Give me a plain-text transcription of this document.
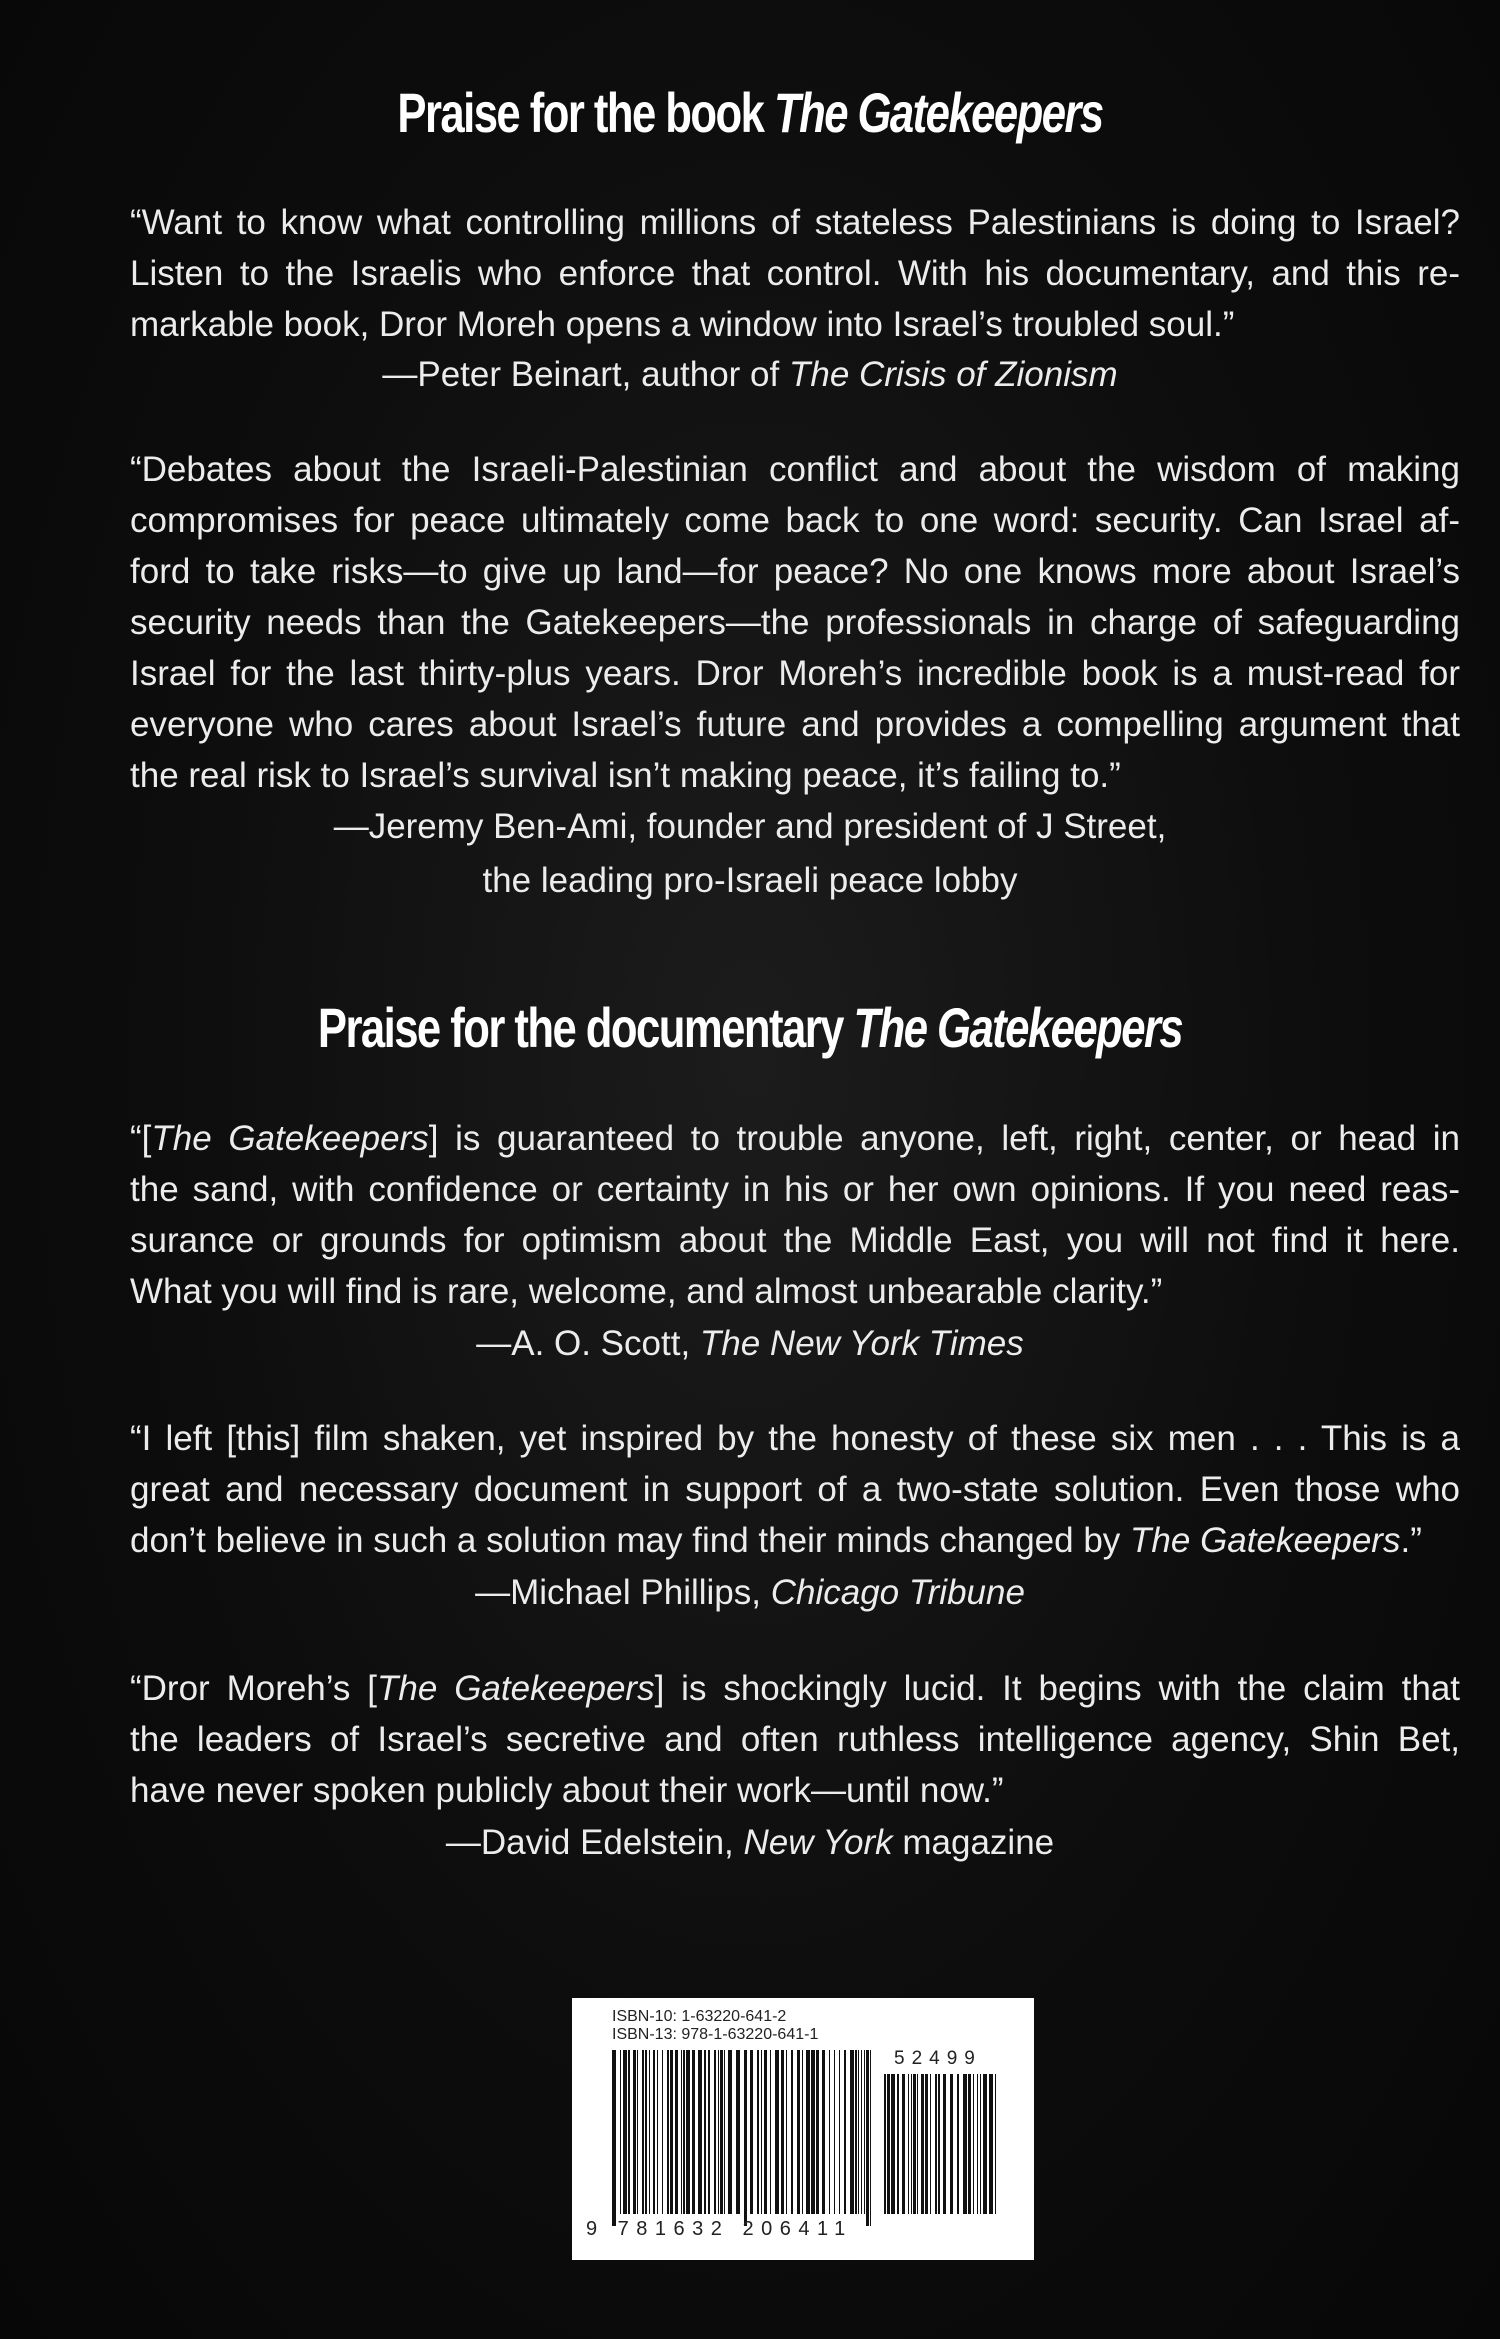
Praise for the book The Gatekeepers
“Want to know what controlling millions of stateless Palestinians is doing to Israel?
Listen to the Israelis who enforce that control. With his documentary, and this re-
markable book, Dror Moreh opens a window into Israel’s troubled soul.”
—Peter Beinart, author of The Crisis of Zionism
“Debates about the Israeli-Palestinian conflict and about the wisdom of making
compromises for peace ultimately come back to one word: security. Can Israel af-
ford to take risks—to give up land—for peace? No one knows more about Israel’s
security needs than the Gatekeepers—the professionals in charge of safeguarding
Israel for the last thirty-plus years. Dror Moreh’s incredible book is a must-read for
everyone who cares about Israel’s future and provides a compelling argument that
the real risk to Israel’s survival isn’t making peace, it’s failing to.”
—Jeremy Ben-Ami, founder and president of J Street,
the leading pro-Israeli peace lobby
Praise for the documentary The Gatekeepers
“[The Gatekeepers] is guaranteed to trouble anyone, left, right, center, or head in
the sand, with confidence or certainty in his or her own opinions. If you need reas-
surance or grounds for optimism about the Middle East, you will not find it here.
What you will find is rare, welcome, and almost unbearable clarity.”
—A. O. Scott, The New York Times
“I left [this] film shaken, yet inspired by the honesty of these six men . . . This is a
great and necessary document in support of a two-state solution. Even those who
don’t believe in such a solution may find their minds changed by The Gatekeepers.”
—Michael Phillips, Chicago Tribune
“Dror Moreh’s [The Gatekeepers] is shockingly lucid. It begins with the claim that
the leaders of Israel’s secretive and often ruthless intelligence agency, Shin Bet,
have never spoken publicly about their work—until now.”
—David Edelstein, New York magazine
ISBN-10: 1-63220-641-2
ISBN-13: 978-1-63220-641-1
52499
9 781632 206411
